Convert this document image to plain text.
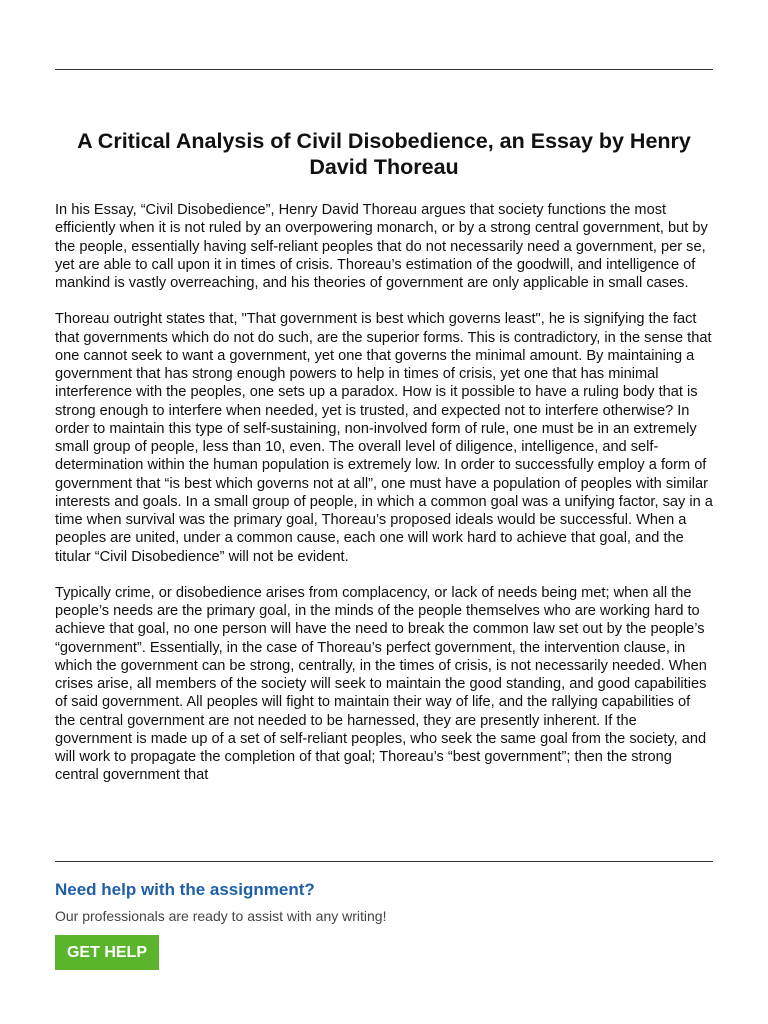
A Critical Analysis of Civil Disobedience, an Essay by Henry David Thoreau

In his Essay, “Civil Disobedience”, Henry David Thoreau argues that society functions the most efficiently when it is not ruled by an overpowering monarch, or by a strong central government, but by the people, essentially having self-reliant peoples that do not necessarily need a government, per se, yet are able to call upon it in times of crisis. Thoreau’s estimation of the goodwill, and intelligence of mankind is vastly overreaching, and his theories of government are only applicable in small cases.

Thoreau outright states that, "That government is best which governs least", he is signifying the fact that governments which do not do such, are the superior forms. This is contradictory, in the sense that one cannot seek to want a government, yet one that governs the minimal amount. By maintaining a government that has strong enough powers to help in times of crisis, yet one that has minimal interference with the peoples, one sets up a paradox. How is it possible to have a ruling body that is strong enough to interfere when needed, yet is trusted, and expected not to interfere otherwise? In order to maintain this type of self-sustaining, non-involved form of rule, one must be in an extremely small group of people, less than 10, even. The overall level of diligence, intelligence, and self-determination within the human population is extremely low. In order to successfully employ a form of government that “is best which governs not at all”, one must have a population of peoples with similar interests and goals. In a small group of people, in which a common goal was a unifying factor, say in a time when survival was the primary goal, Thoreau’s proposed ideals would be successful. When a peoples are united, under a common cause, each one will work hard to achieve that goal, and the titular “Civil Disobedience” will not be evident.

Typically crime, or disobedience arises from complacency, or lack of needs being met; when all the people’s needs are the primary goal, in the minds of the people themselves who are working hard to achieve that goal, no one person will have the need to break the common law set out by the people’s “government”. Essentially, in the case of Thoreau’s perfect government, the intervention clause, in which the government can be strong, centrally, in the times of crisis, is not necessarily needed. When crises arise, all members of the society will seek to maintain the good standing, and good capabilities of said government. All peoples will fight to maintain their way of life, and the rallying capabilities of the central government are not needed to be harnessed, they are presently inherent. If the government is made up of a set of self-reliant peoples, who seek the same goal from the society, and will work to propagate the completion of that goal; Thoreau’s “best government”; then the strong central government that

Need help with the assignment?
Our professionals are ready to assist with any writing!
GET HELP
